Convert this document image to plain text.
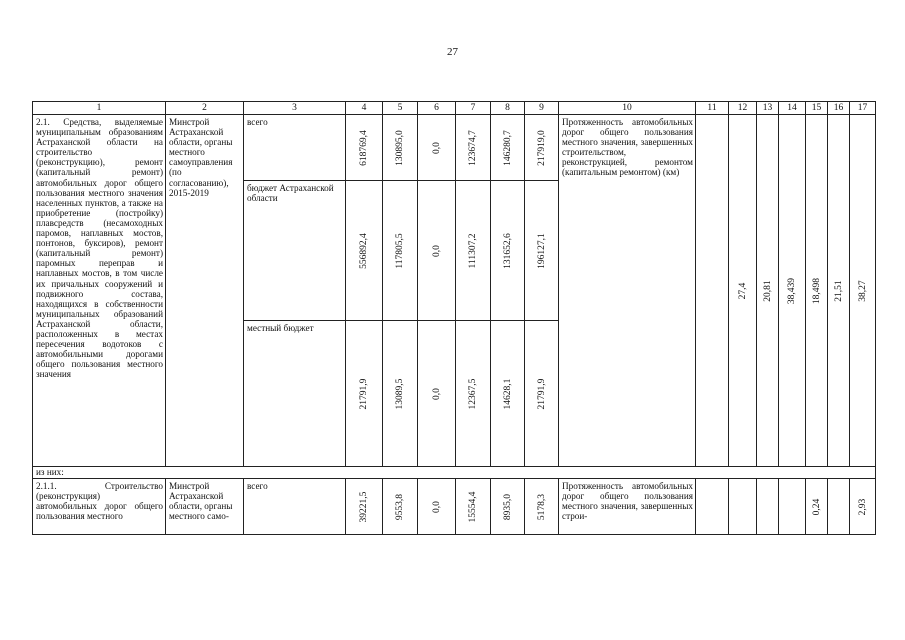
27
1	2	3	4	5	6	7	8	9	10	11	12	13	14	15	16	17
2.1. Средства, выделяемые муниципальным образованиям Астраханской области на строительство (реконструкцию), ремонт (капитальный ремонт) автомобильных дорог общего пользования местного значения населенных пунктов, а также на приобретение (постройку) плавсредств (несамоходных паромов, наплавных мостов, понтонов, буксиров), ремонт (капитальный ремонт) паромных переправ и наплавных мостов, в том числе их причальных сооружений и подвижного состава, находящихся в собственности муниципальных образований Астраханской области, расположенных в местах пересечения водотоков с автомобильными дорогами общего пользования местного значения	Минстрой Астраханской области, органы местного самоуправления (по согласованию), 2015-2019	всего	618769,4	130895,0	0,0	123674,7	146280,7	217919,0	Протяженность автомобильных дорог общего пользования местного значения, завершенных строительством, реконструкцией, ремонтом (капитальным ремонтом) (км)		27,4	20,81	38,439	18,498	21,51	38,27

		бюджет Астраханской области	556892,4	117805,5	0,0	111307,2	131652,6	196127,1								

		местный бюджет	21791,9	13089,5	0,0	12367,5	14628,1	21791,9								

из них:																
2.1.1. Строительство (реконструкция) автомобильных дорог общего пользования местного	Минстрой Астраханской области, органы местного само-	всего	39221,5	9553,8	0,0	15554,4	8935,0	5178,3	Протяженность автомобильных дорог общего пользования местного значения, завершенных строи-					0,24		2,93
